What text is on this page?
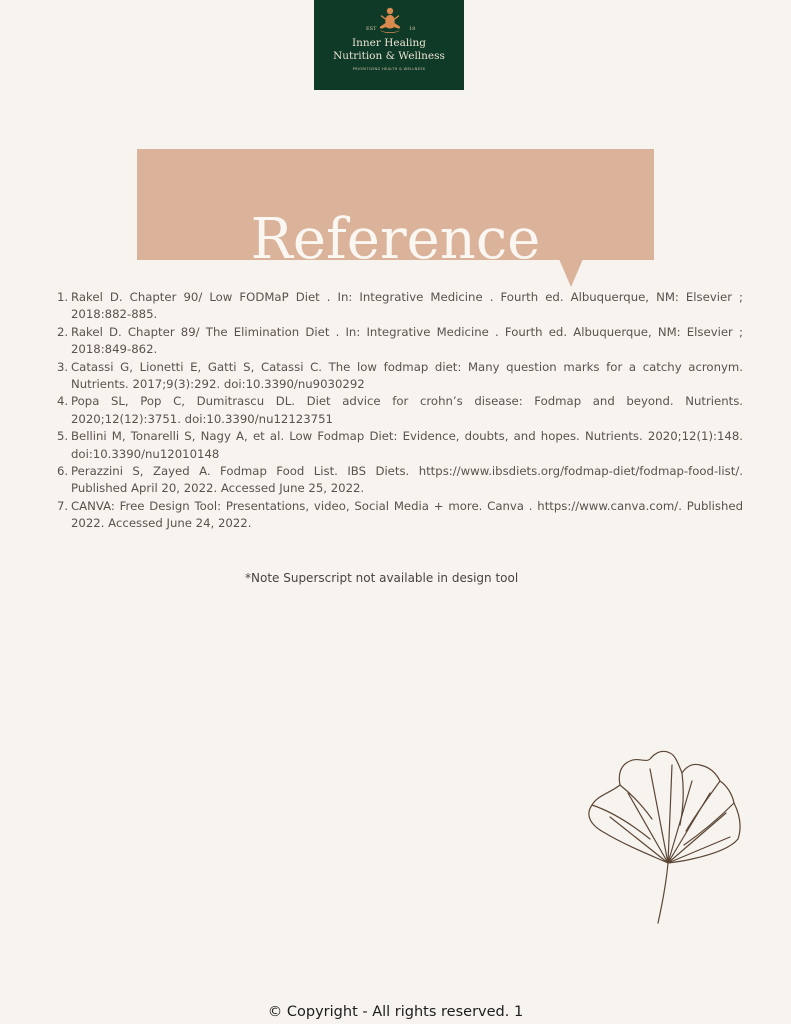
EST	18
Inner Healing
Nutrition & Wellness
PRIORITIZING HEALTH & WELLNESS
Reference
1. Rakel D. Chapter 90/ Low FODMaP Diet . In: Integrative Medicine . Fourth ed. Albuquerque, NM: Elsevier ; 2018:882-885.
2. Rakel D. Chapter 89/ The Elimination Diet . In: Integrative Medicine . Fourth ed. Albuquerque, NM: Elsevier ; 2018:849-862.
3. Catassi G, Lionetti E, Gatti S, Catassi C. The low fodmap diet: Many question marks for a catchy acronym. Nutrients. 2017;9(3):292. doi:10.3390/nu9030292
4. Popa SL, Pop C, Dumitrascu DL. Diet advice for crohn’s disease: Fodmap and beyond. Nutrients. 2020;12(12):3751. doi:10.3390/nu12123751
5. Bellini M, Tonarelli S, Nagy A, et al. Low Fodmap Diet: Evidence, doubts, and hopes. Nutrients. 2020;12(1):148. doi:10.3390/nu12010148
6. Perazzini S, Zayed A. Fodmap Food List. IBS Diets. https://www.ibsdiets.org/fodmap-diet/fodmap-food-list/. Published April 20, 2022. Accessed June 25, 2022.
7. CANVA: Free Design Tool: Presentations, video, Social Media + more. Canva . https://www.canva.com/. Published 2022. Accessed June 24, 2022.
*Note Superscript not available in design tool
© Copyright - All rights reserved. 1
